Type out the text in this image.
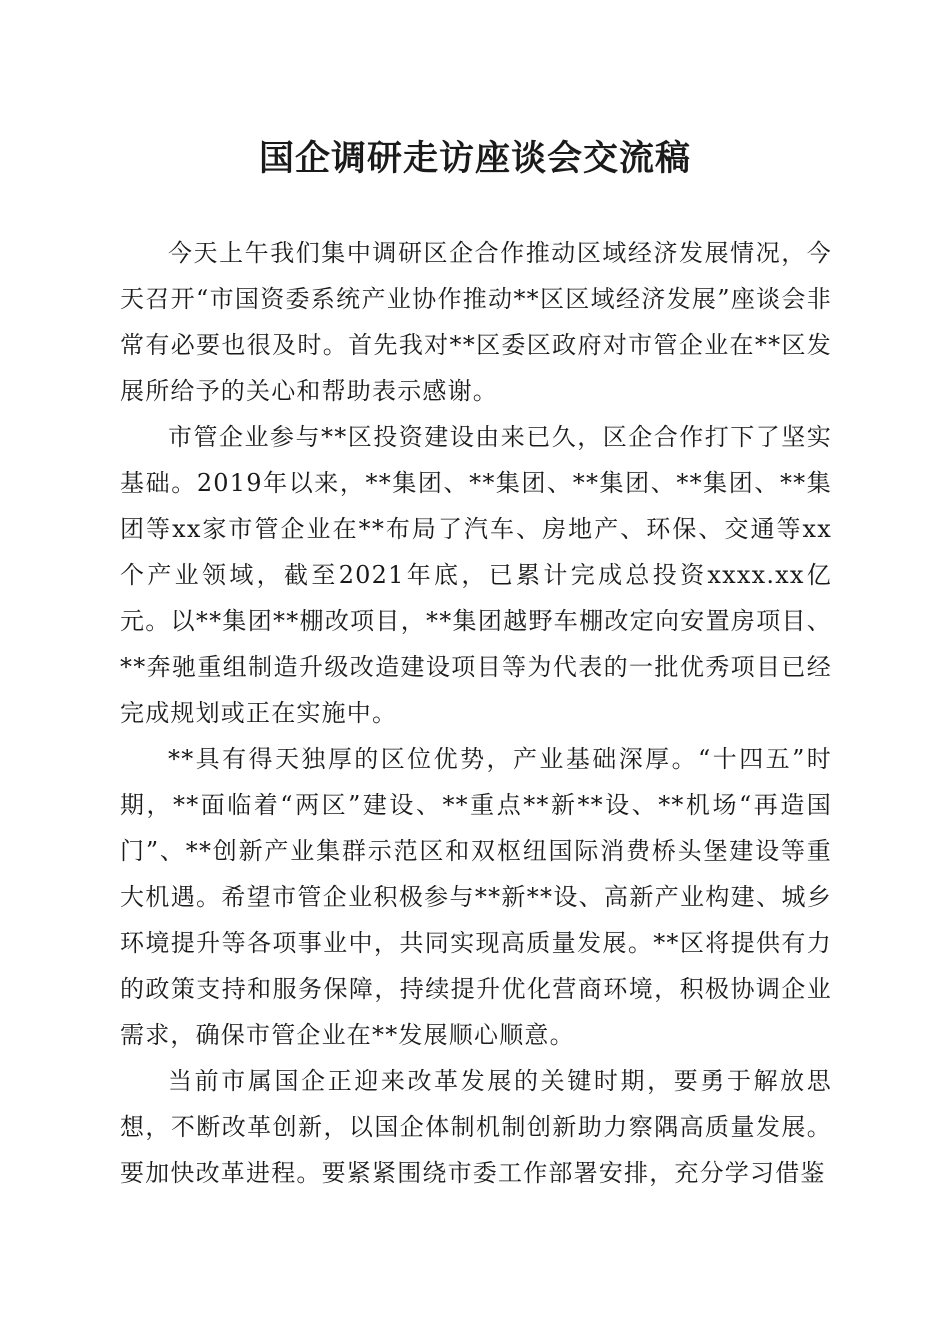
国企调研走访座谈会交流稿

今天上午我们集中调研区企合作推动区域经济发展情况，今天召开“市国资委系统产业协作推动**区区域经济发展”座谈会非常有必要也很及时。首先我对**区委区政府对市管企业在**区发展所给予的关心和帮助表示感谢。

市管企业参与**区投资建设由来已久，区企合作打下了坚实基础。2019年以来，**集团、**集团、**集团、**集团、**集团等xx家市管企业在**布局了汽车、房地产、环保、交通等xx个产业领域，截至2021年底，已累计完成总投资xxxx.xx亿元。以**集团**棚改项目，**集团越野车棚改定向安置房项目、**奔驰重组制造升级改造建设项目等为代表的一批优秀项目已经完成规划或正在实施中。

**具有得天独厚的区位优势，产业基础深厚。“十四五”时期，**面临着“两区”建设、**重点**新**设、**机场“再造国门”、**创新产业集群示范区和双枢纽国际消费桥头堡建设等重大机遇。希望市管企业积极参与**新**设、高新产业构建、城乡环境提升等各项事业中，共同实现高质量发展。**区将提供有力的政策支持和服务保障，持续提升优化营商环境，积极协调企业需求，确保市管企业在**发展顺心顺意。

当前市属国企正迎来改革发展的关键时期，要勇于解放思想，不断改革创新，以国企体制机制创新助力察隅高质量发展。要加快改革进程。要紧紧围绕市委工作部署安排，充分学习借鉴
